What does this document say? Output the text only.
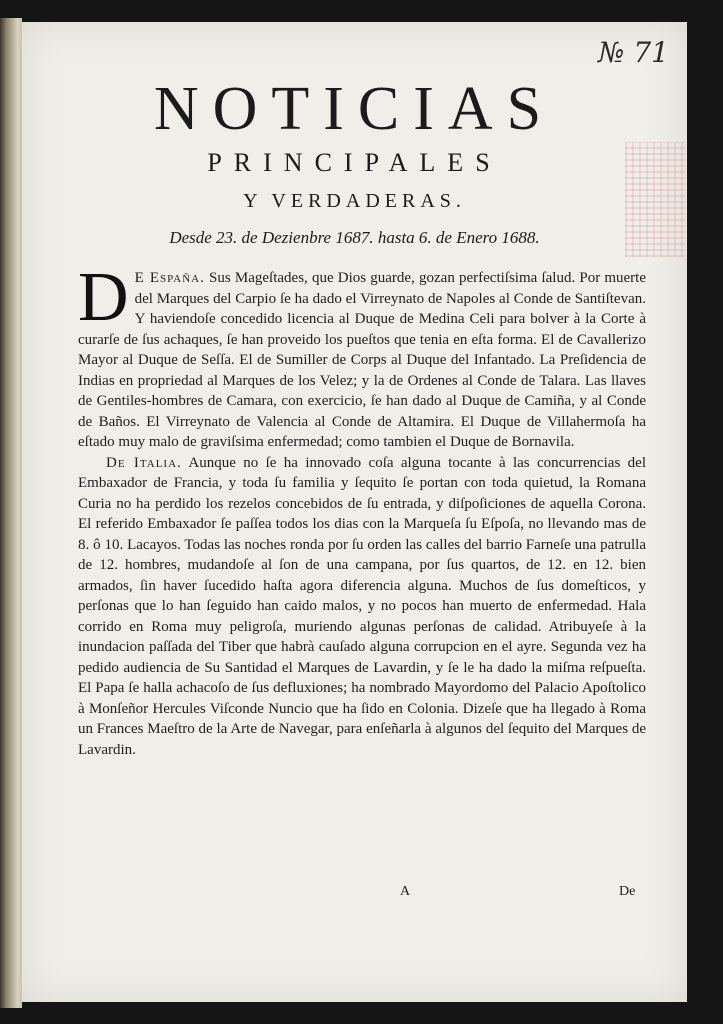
№ 71
NOTICIAS
PRINCIPALES
Y VERDADERAS.
Desde 23. de Dezienbre 1687. hasta 6. de Enero 1688.

D E España. Sus Mageſtades, que Dios guarde, gozan perfectiſsima ſalud. Por muerte del Marques del Carpio ſe ha dado el Virreynato de Napoles al Conde de Santiſtevan. Y haviendoſe concedido licencia al Duque de Medina Celi para bolver à la Corte à curarſe de ſus achaques, ſe han proveido los pueſtos que tenia en eſta forma. El de Cavallerizo Mayor al Duque de Seſſa. El de Sumiller de Corps al Duque del Infantado. La Preſidencia de Indias en propriedad al Marques de los Velez; y la de Ordenes al Conde de Talara. Las llaves de Gentiles-hombres de Camara, con exercicio, ſe han dado al Duque de Camiña, y al Conde de Baños. El Virreynato de Valencia al Conde de Altamira. El Duque de Villahermoſa ha eſtado muy malo de graviſsima enfermedad; como tambien el Duque de Bornavila.

De Italia. Aunque no ſe ha innovado coſa alguna tocante à las concurrencias del Embaxador de Francia, y toda ſu familia y ſequito ſe portan con toda quietud, la Romana Curia no ha perdido los rezelos concebidos de ſu entrada, y diſpoſiciones de aquella Corona. El referido Embaxador ſe paſſea todos los dias con la Marqueſa ſu Eſpoſa, no llevando mas de 8. ô 10. Lacayos. Todas las noches ronda por ſu orden las calles del barrio Farneſe una patrulla de 12. hombres, mudandoſe al ſon de una campana, por ſus quartos, de 12. en 12. bien armados, ſin haver ſucedido haſta agora diferencia alguna. Muchos de ſus domeſticos, y perſonas que lo han ſeguido han caido malos, y no pocos han muerto de enfermedad. Hala corrido en Roma muy peligroſa, muriendo algunas perſonas de calidad. Atribuyeſe à la inundacion paſſada del Tiber que habrà cauſado alguna corrupcion en el ayre. Segunda vez ha pedido audiencia de Su Santidad el Marques de Lavardin, y ſe le ha dado la miſma reſpueſta. El Papa ſe halla achacoſo de ſus defluxiones; ha nombrado Mayordomo del Palacio Apoſtolico à Monſeñor Hercules Viſconde Nuncio que ha ſido en Colonia. Dizeſe que ha llegado à Roma un Frances Maeſtro de la Arte de Navegar, para enſeñarla à algunos del ſequito del Marques de Lavardin.

A	De
